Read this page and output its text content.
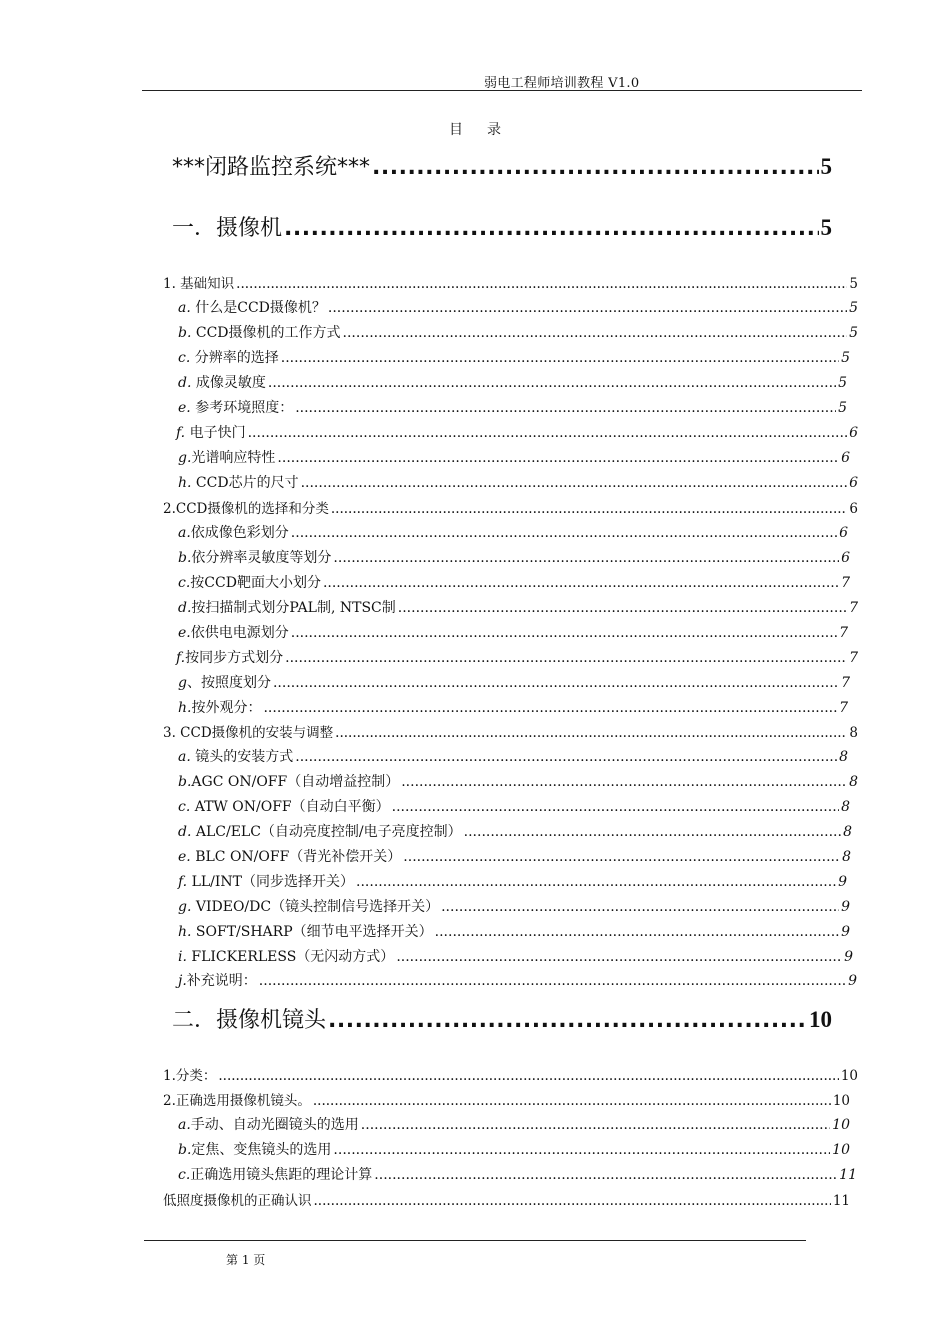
弱电工程师培训教程 V1.0
目 录
***闭路监控系统*** .....	5
一．摄像机 .....	5
1. 基础知识 .....	5
a. 什么是CCD摄像机？ .....	5
b. CCD摄像机的工作方式 .....	5
c. 分辨率的选择 .....	5
d. 成像灵敏度 .....	5
e. 参考环境照度： .....	5
f. 电子快门 .....	6
g.光谱响应特性 .....	6
h. CCD芯片的尺寸 .....	6
2.CCD摄像机的选择和分类 .....	6
a.依成像色彩划分 .....	6
b.依分辨率灵敏度等划分 .....	6
c.按CCD靶面大小划分 .....	7
d.按扫描制式划分PAL制, NTSC制 .....	7
e.依供电电源划分 .....	7
f.按同步方式划分 .....	7
g、按照度划分 .....	7
h.按外观分： .....	7
3. CCD摄像机的安装与调整 .....	8
a. 镜头的安装方式 .....	8
b.AGC ON/OFF（自动增益控制） .....	8
c. ATW ON/OFF（自动白平衡） .....	8
d. ALC/ELC（自动亮度控制/电子亮度控制） .....	8
e. BLC ON/OFF（背光补偿开关） .....	8
f. LL/INT（同步选择开关） .....	9
g. VIDEO/DC（镜头控制信号选择开关） .....	9
h. SOFT/SHARP（细节电平选择开关） .....	9
i. FLICKERLESS（无闪动方式） .....	9
j.补充说明： .....	9
二．摄像机镜头 .....	10
1.分类： .....	10
2.正确选用摄像机镜头。 .....	10
a.手动、自动光圈镜头的选用 .....	10
b.定焦、变焦镜头的选用 .....	10
c.正确选用镜头焦距的理论计算 .....	11
低照度摄像机的正确认识 .....	11
第 1 页
